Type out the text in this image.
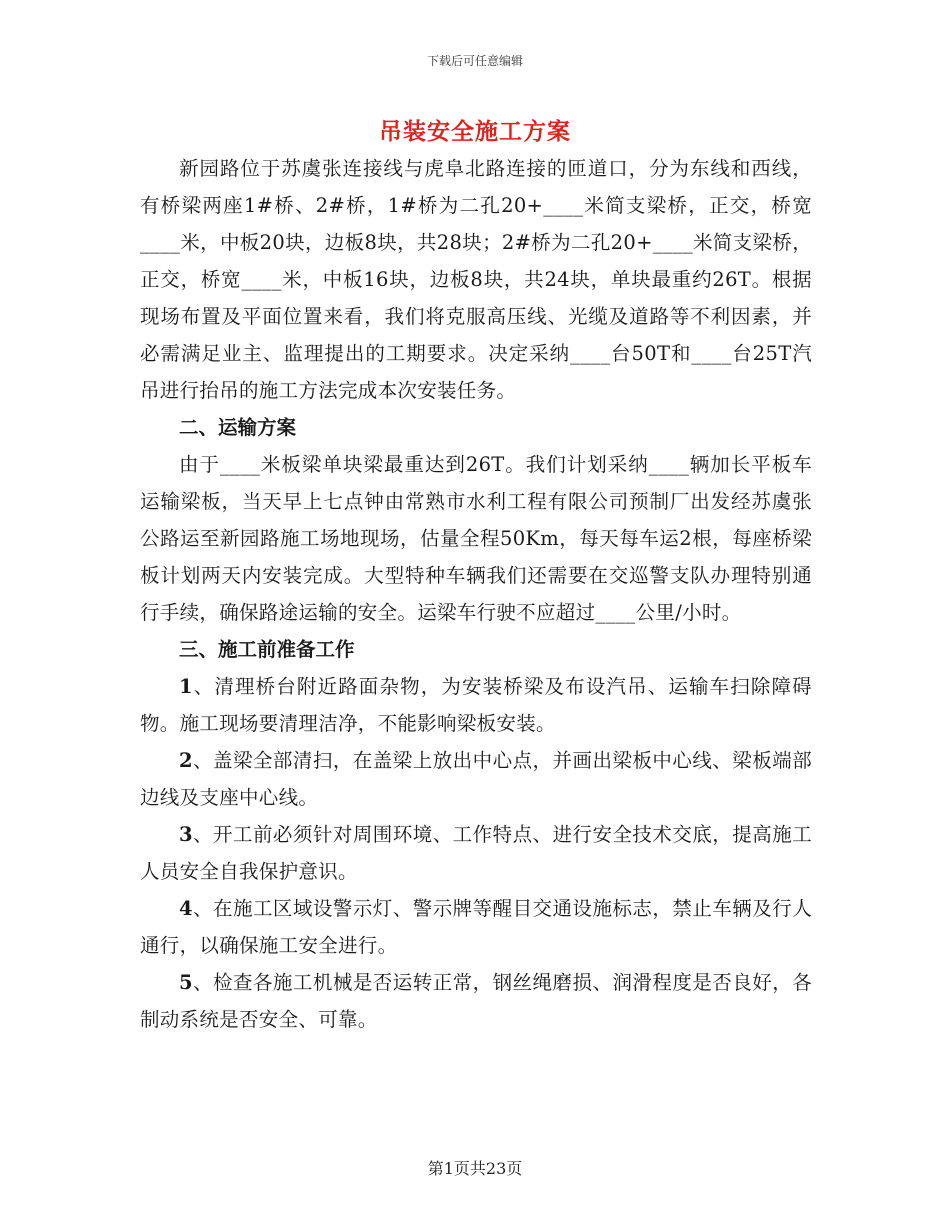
下载后可任意编辑
吊装安全施工方案

新园路位于苏虞张连接线与虎阜北路连接的匝道口，分为东线和西线，有桥梁两座1#桥、2#桥，1#桥为二孔20+____米简支梁桥，正交，桥宽____米，中板20块，边板8块，共28块；2#桥为二孔20+____米简支梁桥，正交，桥宽____米，中板16块，边板8块，共24块，单块最重约26T。根据现场布置及平面位置来看，我们将克服高压线、光缆及道路等不利因素，并必需满足业主、监理提出的工期要求。决定采纳____台50T和____台25T汽吊进行抬吊的施工方法完成本次安装任务。

二、运输方案

由于____米板梁单块梁最重达到26T。我们计划采纳____辆加长平板车运输梁板，当天早上七点钟由常熟市水利工程有限公司预制厂出发经苏虞张公路运至新园路施工场地现场，估量全程50Km，每天每车运2根，每座桥梁板计划两天内安装完成。大型特种车辆我们还需要在交巡警支队办理特别通行手续，确保路途运输的安全。运梁车行驶不应超过____公里/小时。

三、施工前准备工作

1、清理桥台附近路面杂物，为安装桥梁及布设汽吊、运输车扫除障碍物。施工现场要清理洁净，不能影响梁板安装。

2、盖梁全部清扫，在盖梁上放出中心点，并画出梁板中心线、梁板端部边线及支座中心线。

3、开工前必须针对周围环境、工作特点、进行安全技术交底，提高施工人员安全自我保护意识。

4、在施工区域设警示灯、警示牌等醒目交通设施标志，禁止车辆及行人通行，以确保施工安全进行。

5、检查各施工机械是否运转正常，钢丝绳磨损、润滑程度是否良好，各制动系统是否安全、可靠。

第1页共23页
